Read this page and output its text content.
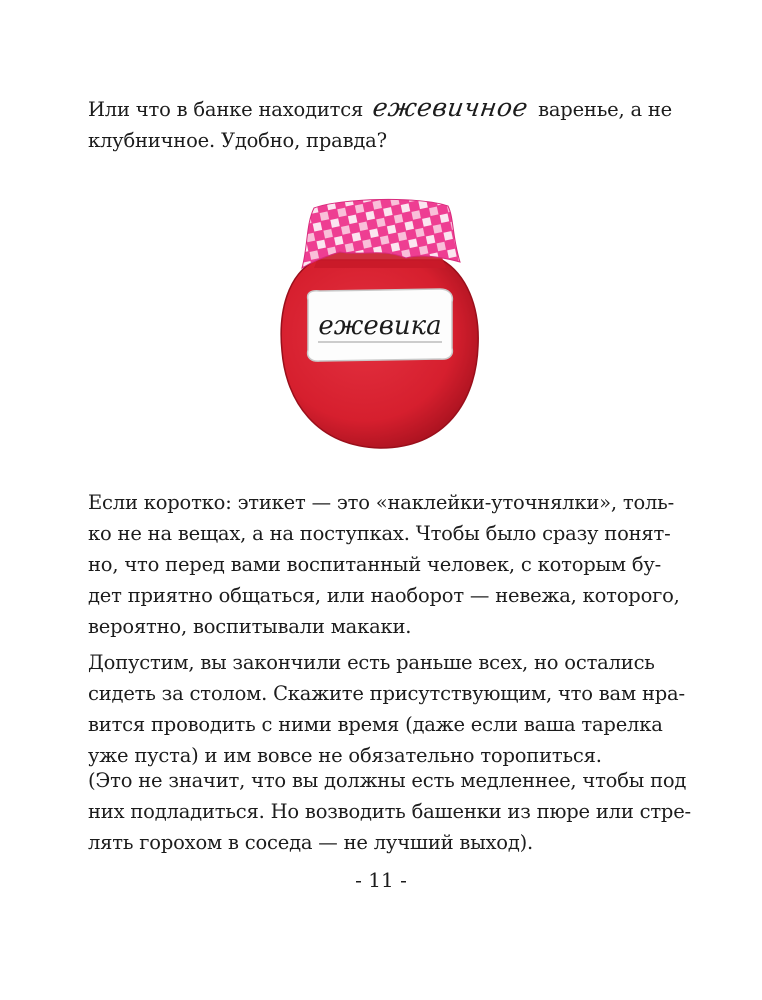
Или что в банке находится ежевичное варенье, а не
клубничное. Удобно, правда?
ежевика
Если коротко: этикет — это «наклейки-уточнялки», толь-
ко не на вещах, а на поступках. Чтобы было сразу понят-
но, что перед вами воспитанный человек, с которым бу-
дет приятно общаться, или наоборот — невежа, которого,
вероятно, воспитывали макаки.
Допустим, вы закончили есть раньше всех, но остались
сидеть за столом. Скажите присутствующим, что вам нра-
вится проводить с ними время (даже если ваша тарелка
уже пуста) и им вовсе не обязательно торопиться.
(Это не значит, что вы должны есть медленнее, чтобы под
них подладиться. Но возводить башенки из пюре или стре-
лять горохом в соседа — не лучший выход).
- 11 -
